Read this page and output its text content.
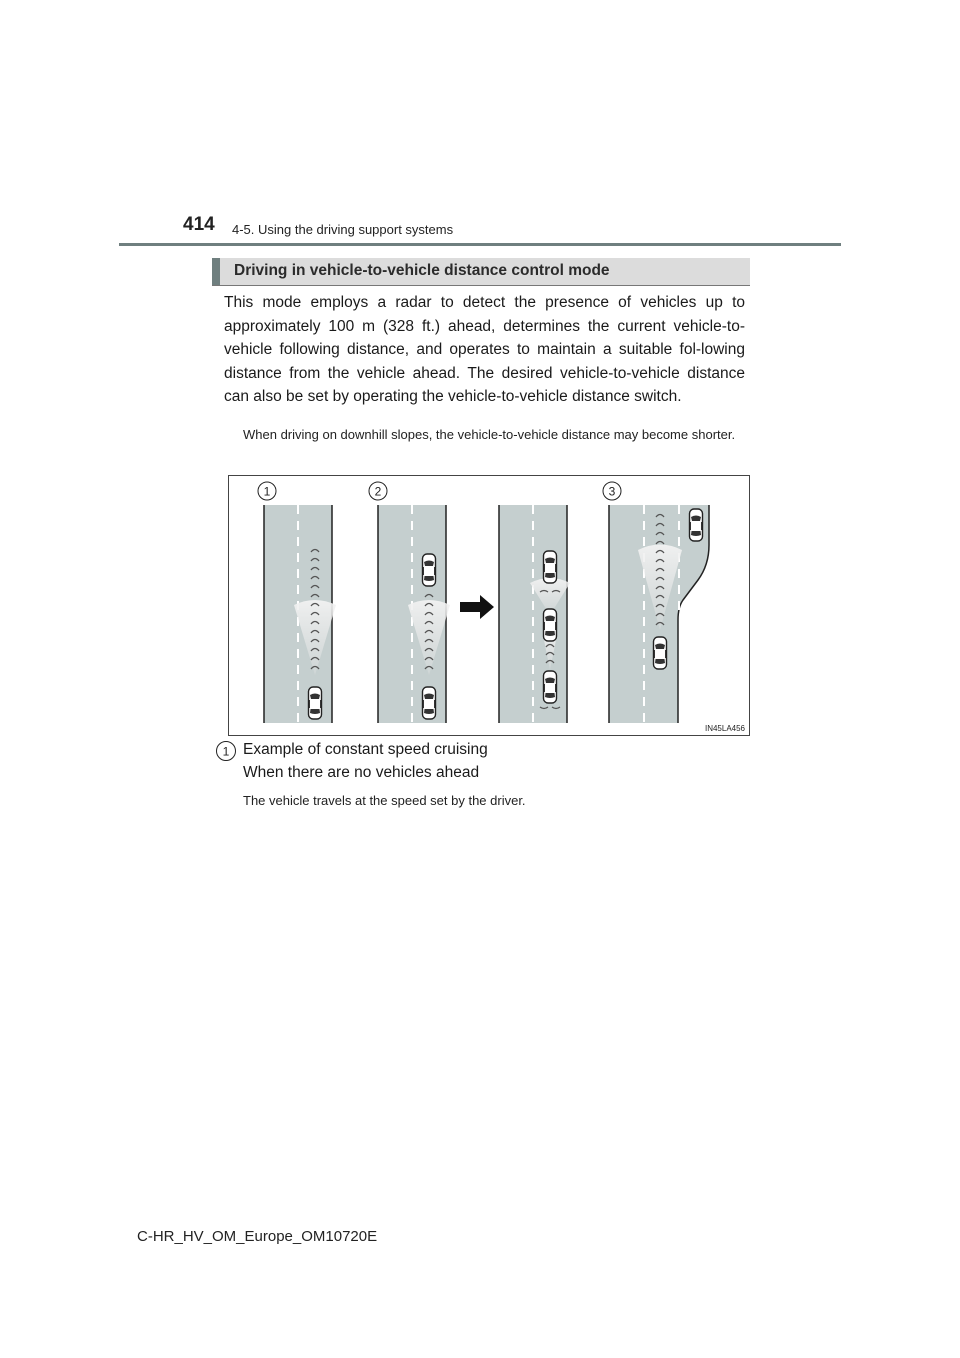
414 4-5. Using the driving support systems
Driving in vehicle-to-vehicle distance control mode
This mode employs a radar to detect the presence of vehicles up to approximately 100 m (328 ft.) ahead, determines the current vehicle-to-vehicle following distance, and operates to maintain a suitable fol-lowing distance from the vehicle ahead. The desired vehicle-to-vehicle distance can also be set by operating the vehicle-to-vehicle distance switch.
When driving on downhill slopes, the vehicle-to-vehicle distance may become shorter.
1	2	3
IN45LA456
1 Example of constant speed cruising
When there are no vehicles ahead
The vehicle travels at the speed set by the driver.
C-HR_HV_OM_Europe_OM10720E
